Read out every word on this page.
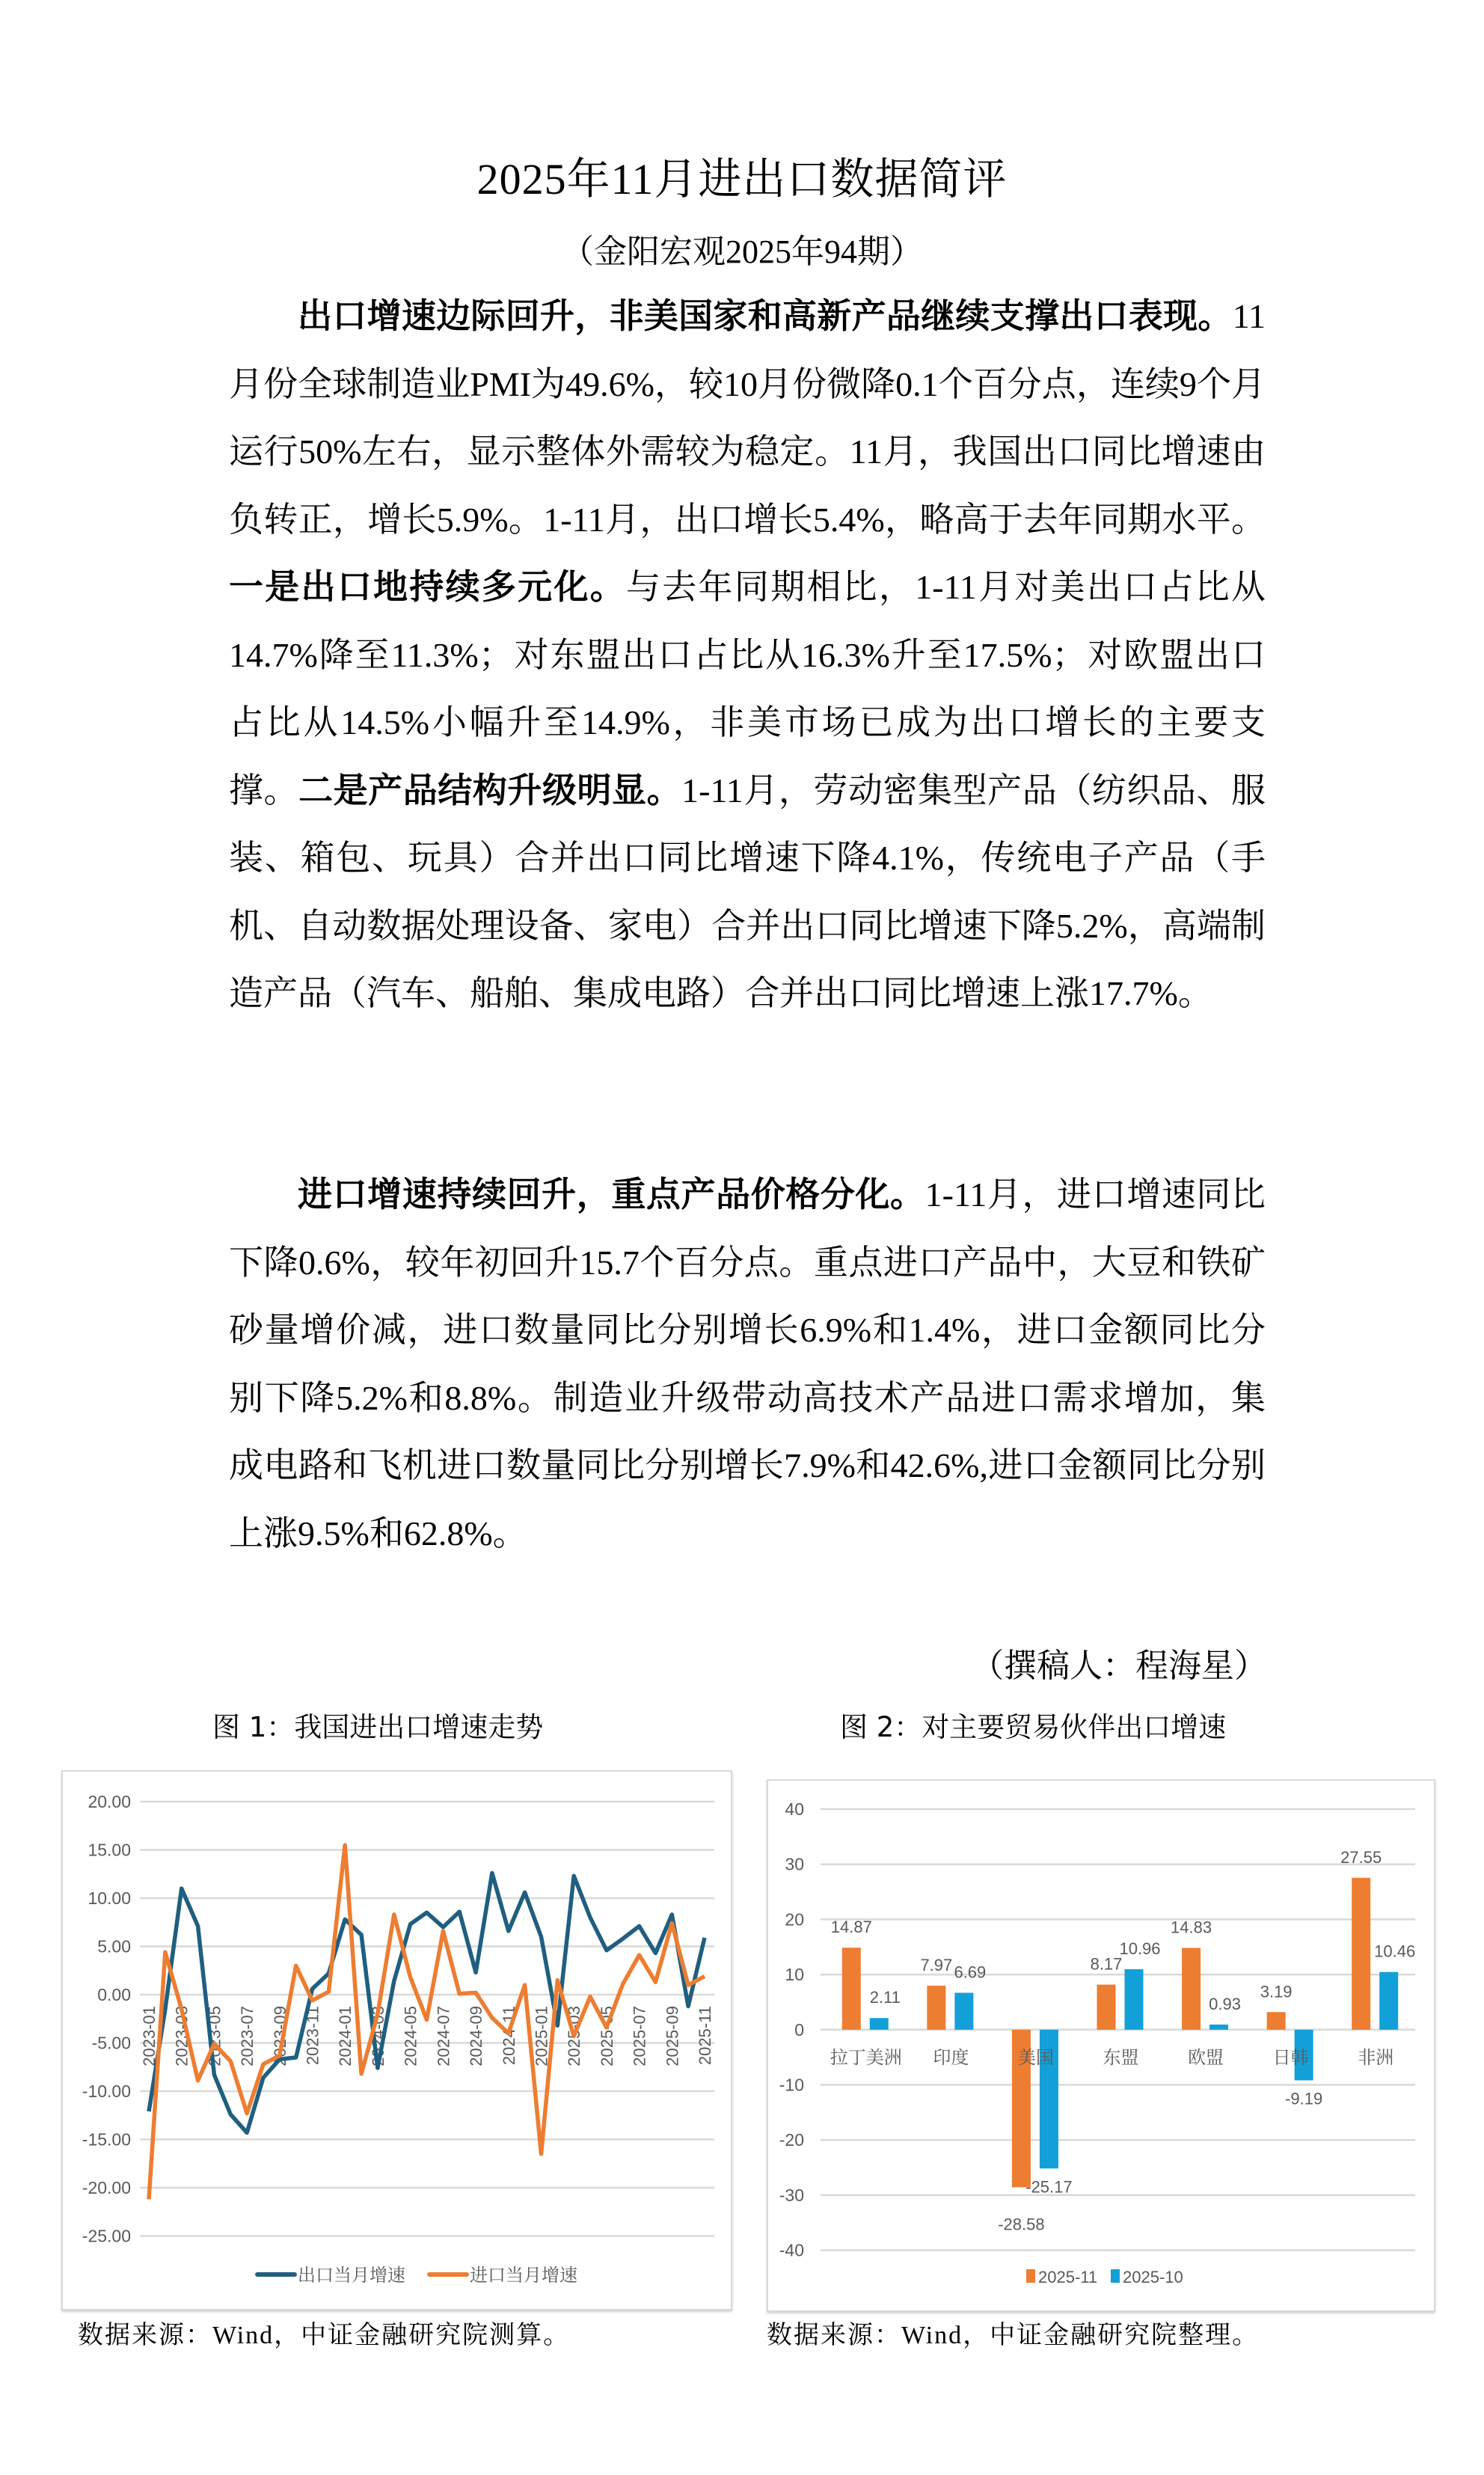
2025年11月进出口数据简评
（金阳宏观2025年94期）

出口增速边际回升，非美国家和高新产品继续支撑出口表现。11月份全球制造业PMI为49.6%，较10月份微降0.1个百分点，连续9个月运行50%左右，显示整体外需较为稳定。11月，我国出口同比增速由负转正，增长5.9%。1-11月，出口增长5.4%，略高于去年同期水平。一是出口地持续多元化。与去年同期相比，1-11月对美出口占比从14.7%降至11.3%；对东盟出口占比从16.3%升至17.5%；对欧盟出口占比从14.5%小幅升至14.9%，非美市场已成为出口增长的主要支撑。二是产品结构升级明显。1-11月，劳动密集型产品（纺织品、服装、箱包、玩具）合并出口同比增速下降4.1%，传统电子产品（手机、自动数据处理设备、家电）合并出口同比增速下降5.2%，高端制造产品（汽车、船舶、集成电路）合并出口同比增速上涨17.7%。

进口增速持续回升，重点产品价格分化。1-11月，进口增速同比下降0.6%，较年初回升15.7个百分点。重点进口产品中，大豆和铁矿砂量增价减，进口数量同比分别增长6.9%和1.4%，进口金额同比分别下降5.2%和8.8%。制造业升级带动高技术产品进口需求增加，集成电路和飞机进口数量同比分别增长7.9%和42.6%,进口金额同比分别上涨9.5%和62.8%。

（撰稿人：程海星）
图 1：我国进出口增速走势	图 2：对主要贸易伙伴出口增速
20.00
15.00
10.00
5.00
0.00
-5.00
-10.00
-15.00
-20.00
-25.00
2023-01 2023-03 2023-05 2023-07 2023-09 2023-11 2024-01 2024-03 2024-05 2024-07 2024-09 2024-11 2025-01 2025-03 2025-05 2025-07 2025-09 2025-11
出口当月增速	进口当月增速
40
30
20
10
0
-10
-20
-30
-40
14.87
2.11
拉丁美洲
7.97 6.69
印度
-28.58
-25.17
美国
8.17
10.96
东盟
14.83
0.93
欧盟
3.19
-9.19
日韩
27.55
10.46
非洲
2025-11 2025-10
数据来源：Wind，中证金融研究院测算。	数据来源：Wind，中证金融研究院整理。
